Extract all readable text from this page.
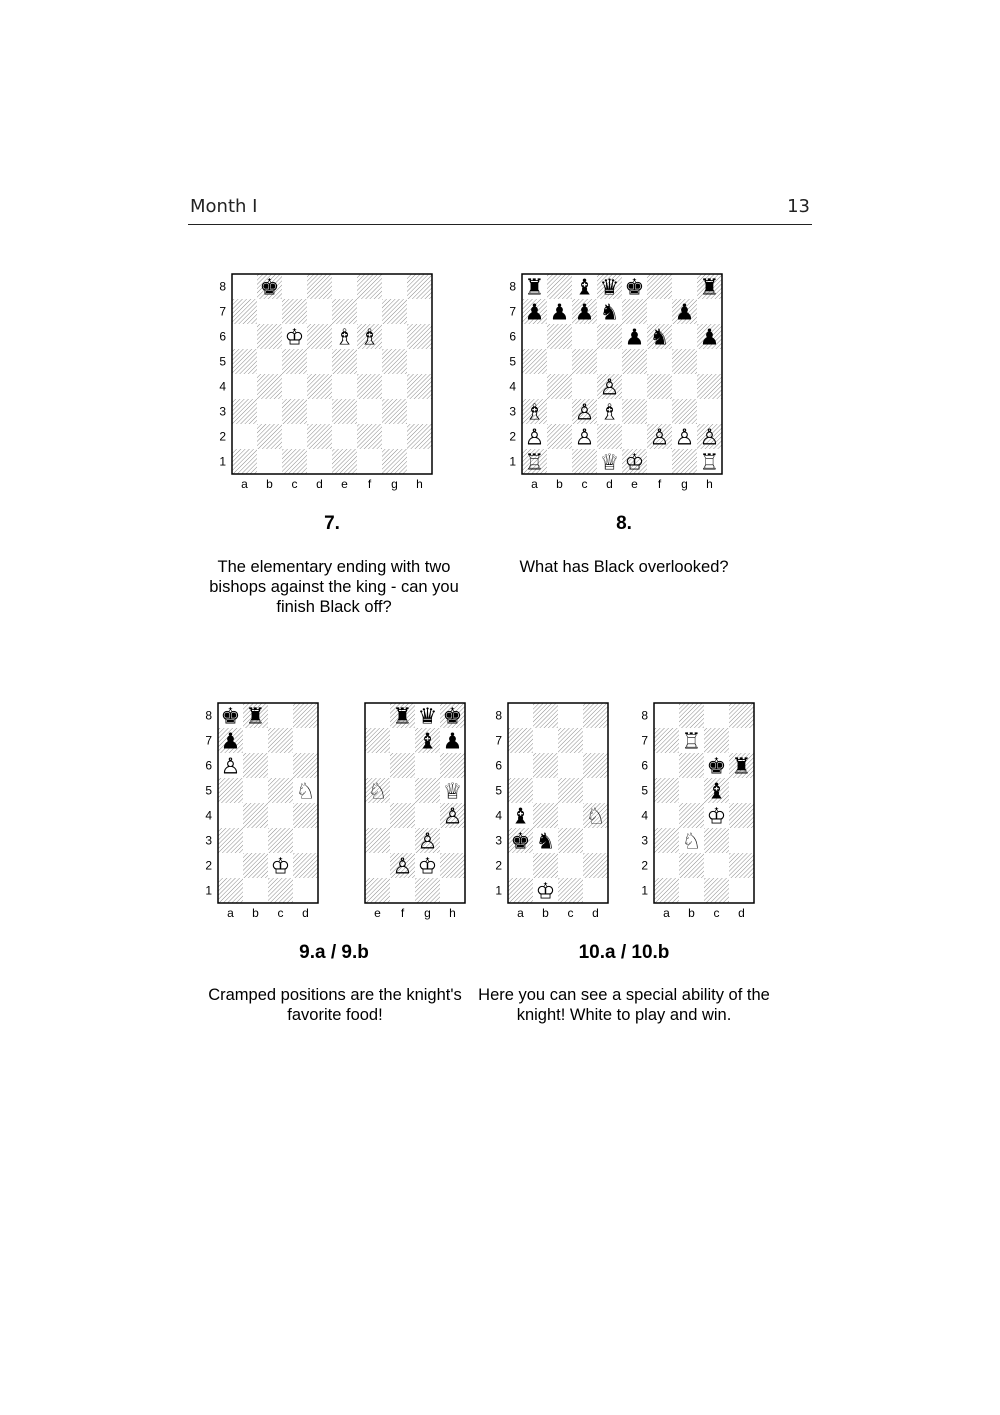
Month I	13
8
7
6
5
4
3
2
1
a b c d e f g h
♚
♔ ♗ ♗
7.
The elementary ending with two bishops against the king - can you finish Black off?
8
7
6
5
4
3
2
1
a b c d e f g h
♜ ♝ ♛ ♚	♜
♟ ♟ ♟ ♞	♟
♟ ♞ ♟
♙
♗ ♙ ♗
♙ ♙	♙ ♙ ♙
♖	♕ ♔	♖
8.
What has Black overlooked?
8
7
6
5
4
3
2
1
a b c d
♚ ♜
♟
♙
♘
♔
e f g h
♜ ♛ ♚
♝ ♟
♘	♕
♙
♙
♙ ♔
9.a / 9.b
Cramped positions are the knight's favorite food!
8
7
6
5
4
3
2
1
a b c d
♝	♘
♚ ♞
♔
8
7
6
5
4
3
2
1
a b c d
♖
♚ ♜
♝
♔
♘
10.a / 10.b
Here you can see a special ability of the knight! White to play and win.
